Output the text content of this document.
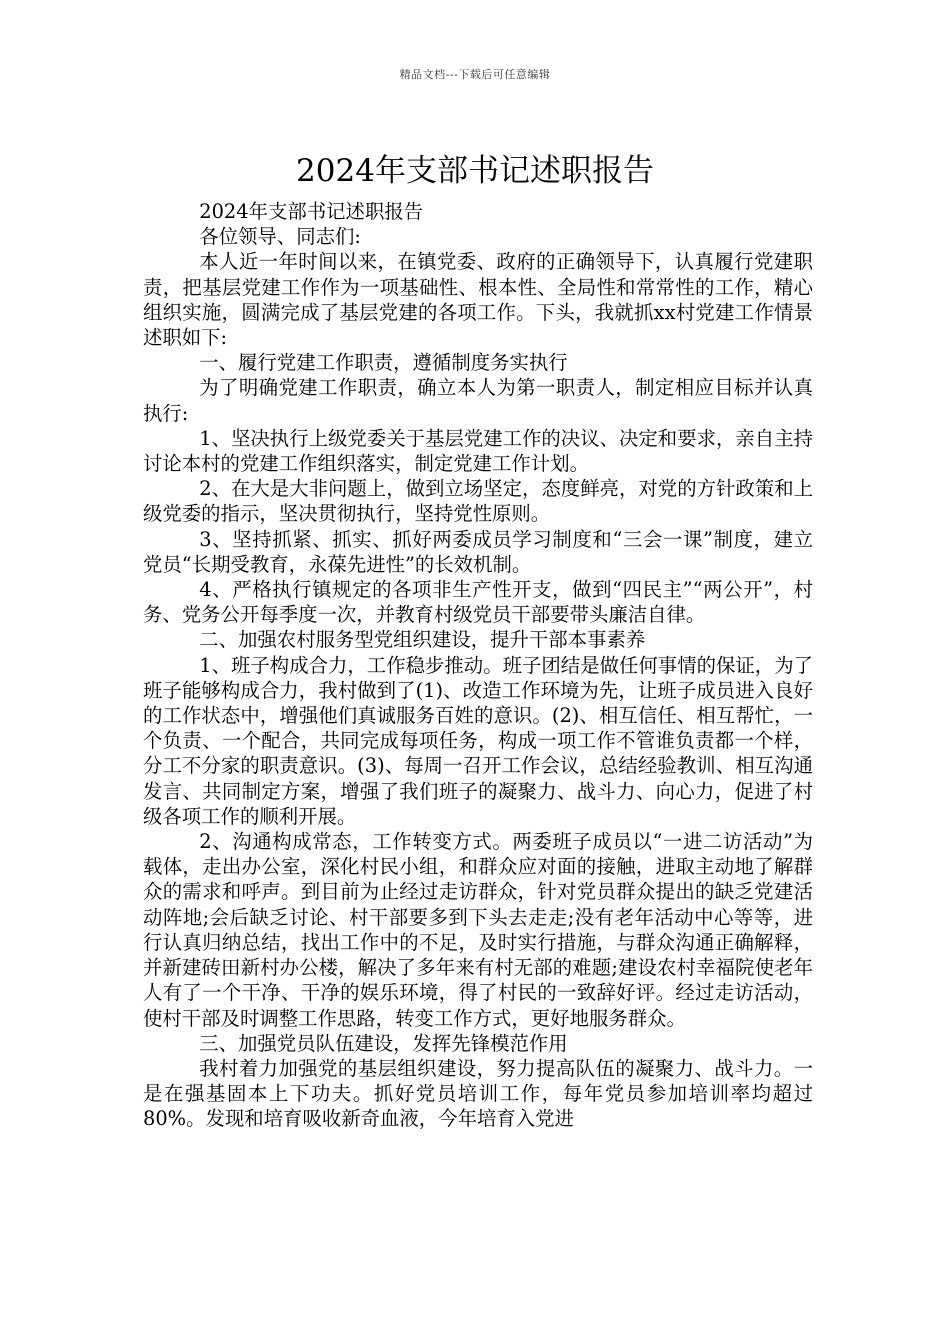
精品文档---下载后可任意编辑
2024年支部书记述职报告

2024年支部书记述职报告

各位领导、同志们:

本人近一年时间以来，在镇党委、政府的正确领导下，认真履行党建职责，把基层党建工作作为一项基础性、根本性、全局性和常常性的工作，精心组织实施，圆满完成了基层党建的各项工作。下头，我就抓xx村党建工作情景述职如下:

一、履行党建工作职责，遵循制度务实执行

为了明确党建工作职责，确立本人为第一职责人，制定相应目标并认真执行:

1、坚决执行上级党委关于基层党建工作的决议、决定和要求，亲自主持讨论本村的党建工作组织落实，制定党建工作计划。

2、在大是大非问题上，做到立场坚定，态度鲜亮，对党的方针政策和上级党委的指示，坚决贯彻执行，坚持党性原则。

3、坚持抓紧、抓实、抓好两委成员学习制度和“三会一课”制度，建立党员“长期受教育，永葆先进性”的长效机制。

4、严格执行镇规定的各项非生产性开支，做到“四民主”“两公开”，村务、党务公开每季度一次，并教育村级党员干部要带头廉洁自律。

二、加强农村服务型党组织建设，提升干部本事素养

1、班子构成合力，工作稳步推动。班子团结是做任何事情的保证，为了班子能够构成合力，我村做到了(1)、改造工作环境为先，让班子成员进入良好的工作状态中，增强他们真诚服务百姓的意识。(2)、相互信任、相互帮忙，一个负责、一个配合，共同完成每项任务，构成一项工作不管谁负责都一个样，分工不分家的职责意识。(3)、每周一召开工作会议，总结经验教训、相互沟通发言、共同制定方案，增强了我们班子的凝聚力、战斗力、向心力，促进了村级各项工作的顺利开展。

2、沟通构成常态，工作转变方式。两委班子成员以“一进二访活动”为载体，走出办公室，深化村民小组，和群众应对面的接触，进取主动地了解群众的需求和呼声。到目前为止经过走访群众，针对党员群众提出的缺乏党建活动阵地;会后缺乏讨论、村干部要多到下头去走走;没有老年活动中心等等，进行认真归纳总结，找出工作中的不足，及时实行措施，与群众沟通正确解释，并新建砖田新村办公楼，解决了多年来有村无部的难题;建设农村幸福院使老年人有了一个干净、干净的娱乐环境，得了村民的一致辞好评。经过走访活动，使村干部及时调整工作思路，转变工作方式，更好地服务群众。

三、加强党员队伍建设，发挥先锋模范作用

我村着力加强党的基层组织建设，努力提高队伍的凝聚力、战斗力。一是在强基固本上下功夫。抓好党员培训工作，每年党员参加培训率均超过80%。发现和培育吸收新奇血液，今年培育入党进
